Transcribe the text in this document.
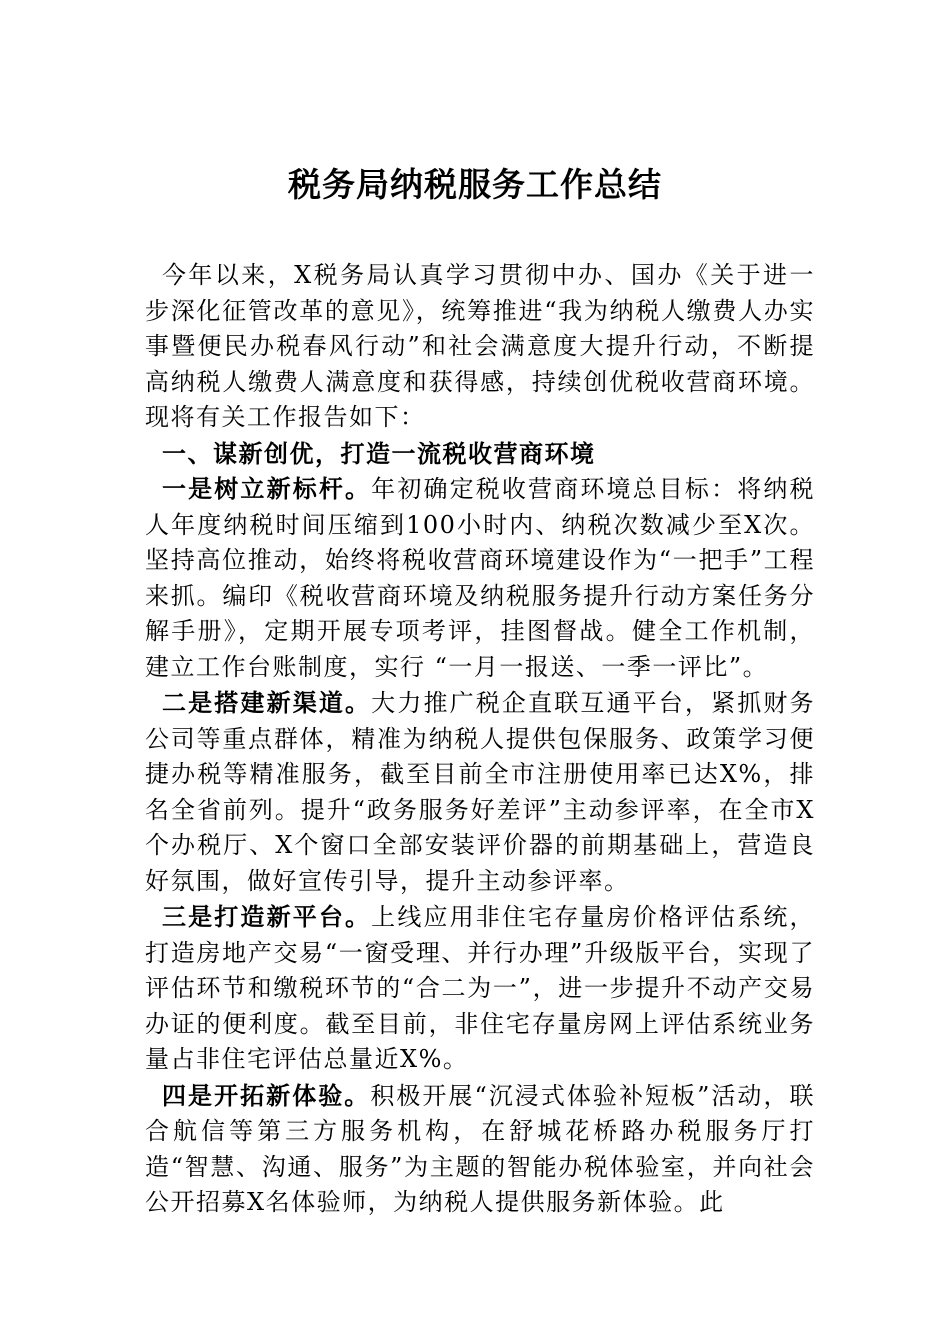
税务局纳税服务工作总结

今年以来，X税务局认真学习贯彻中办、国办《关于进一步深化征管改革的意见》，统筹推进“我为纳税人缴费人办实事暨便民办税春风行动”和社会满意度大提升行动，不断提高纳税人缴费人满意度和获得感，持续创优税收营商环境。现将有关工作报告如下：

一、谋新创优，打造一流税收营商环境

一是树立新标杆。年初确定税收营商环境总目标：将纳税人年度纳税时间压缩到100小时内、纳税次数减少至X次。坚持高位推动，始终将税收营商环境建设作为“一把手”工程来抓。编印《税收营商环境及纳税服务提升行动方案任务分解手册》，定期开展专项考评，挂图督战。健全工作机制，建立工作台账制度，实行 “一月一报送、一季一评比”。

二是搭建新渠道。大力推广税企直联互通平台，紧抓财务公司等重点群体，精准为纳税人提供包保服务、政策学习便捷办税等精准服务，截至目前全市注册使用率已达X%，排名全省前列。提升“政务服务好差评”主动参评率，在全市X个办税厅、X个窗口全部安装评价器的前期基础上，营造良好氛围，做好宣传引导，提升主动参评率。

三是打造新平台。上线应用非住宅存量房价格评估系统，打造房地产交易“一窗受理、并行办理”升级版平台，实现了评估环节和缴税环节的“合二为一”，进一步提升不动产交易办证的便利度。截至目前，非住宅存量房网上评估系统业务量占非住宅评估总量近X%。

四是开拓新体验。积极开展“沉浸式体验补短板”活动，联合航信等第三方服务机构，在舒城花桥路办税服务厅打造“智慧、沟通、服务”为主题的智能办税体验室，并向社会公开招募X名体验师，为纳税人提供服务新体验。此
